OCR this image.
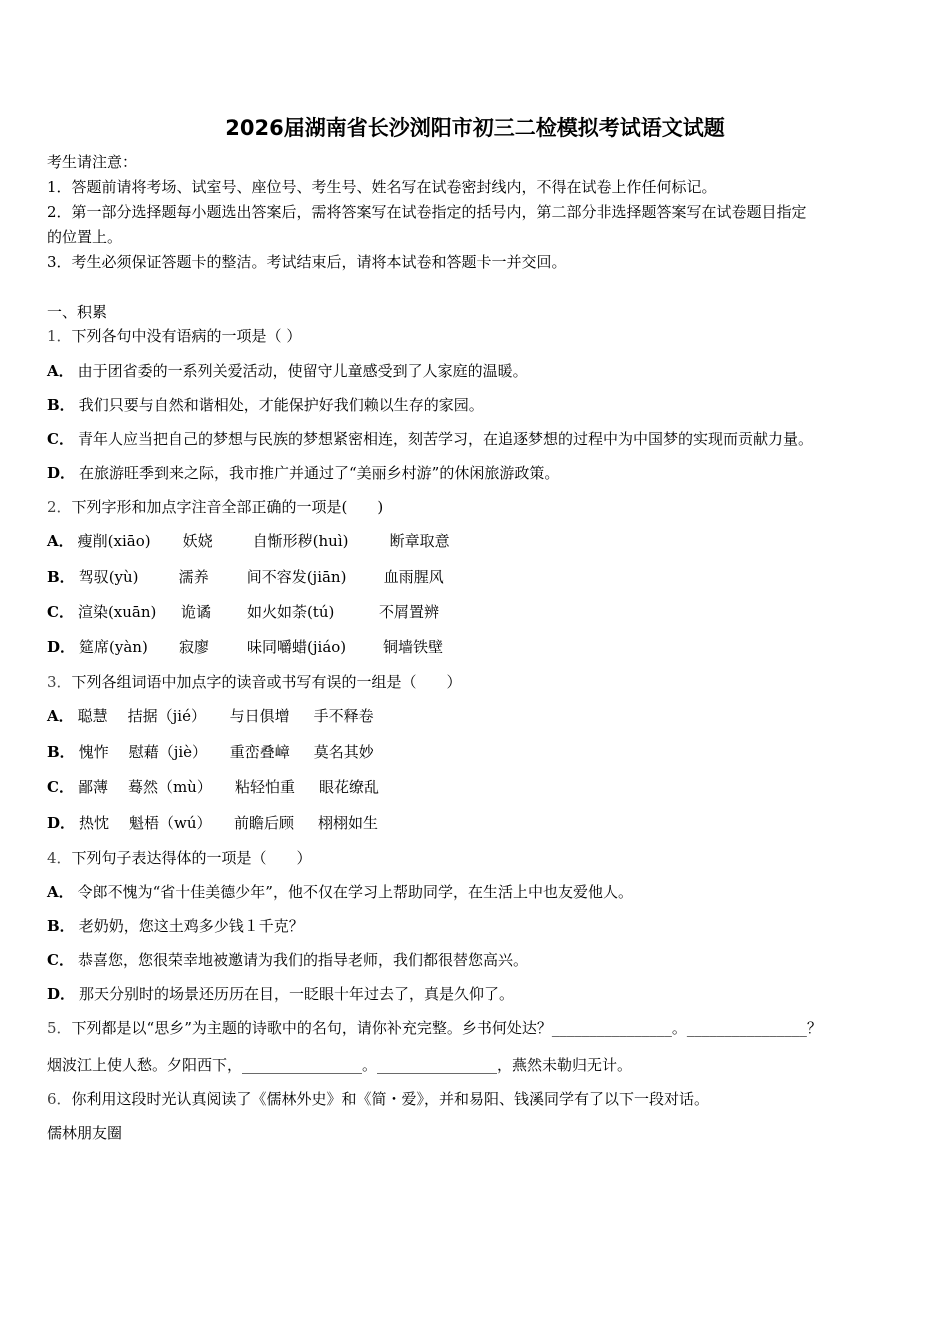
2026届湖南省长沙浏阳市初三二检模拟考试语文试题
考生请注意：
1．答题前请将考场、试室号、座位号、考生号、姓名写在试卷密封线内，不得在试卷上作任何标记。
2．第一部分选择题每小题选出答案后，需将答案写在试卷指定的括号内，第二部分非选择题答案写在试卷题目指定
的位置上。
3．考生必须保证答题卡的整洁。考试结束后，请将本试卷和答题卡一并交回。
一、积累
1．下列各句中没有语病的一项是（ ）
A． 由于团省委的一系列关爱活动，使留守儿童感受到了人家庭的温暖。
B． 我们只要与自然和谐相处，才能保护好我们赖以生存的家园。
C． 青年人应当把自己的梦想与民族的梦想紧密相连，刻苦学习，在追逐梦想的过程中为中国梦的实现而贡献力量。
D． 在旅游旺季到来之际，我市推广并通过了“美丽乡村游”的休闲旅游政策。
2．下列字形和加点字注音全部正确的一项是(　　)
A． 瘦削(xiāo) 妖娆	自惭形秽(huì)	断章取意
B． 驾驭(yù)	濡养	间不容发(jiān) 血雨腥风
C． 渲染(xuān) 诡谲 如火如荼(tú)	不屑置辨
D． 筵席(yàn) 寂廖	味同嚼蜡(jiáo) 铜墙铁壁
3．下列各组词语中加点字的读音或书写有误的一组是（　　）
A． 聪慧 拮据（jié） 与日俱增 手不释卷
B． 愧怍 慰藉（jiè） 重峦叠嶂 莫名其妙
C． 鄙薄 蓦然（mù） 粘轻怕重 眼花缭乱
D． 热忱 魁梧（wú） 前瞻后顾 栩栩如生
4．下列句子表达得体的一项是（　　）
A． 令郎不愧为“省十佳美德少年”，他不仅在学习上帮助同学，在生活上中也友爱他人。
B． 老奶奶，您这土鸡多少钱１千克？
C． 恭喜您，您很荣幸地被邀请为我们的指导老师，我们都很替您高兴。
D． 那天分别时的场景还历历在目，一眨眼十年过去了，真是久仰了。
5．下列都是以“思乡”为主题的诗歌中的名句，请你补充完整。乡书何处达？________________。________________？
烟波江上使人愁。夕阳西下，________________。________________，燕然未勒归无计。
6．你利用这段时光认真阅读了《儒林外史》和《简・爱》，并和易阳、钱溪同学有了以下一段对话。
儒林朋友圈
